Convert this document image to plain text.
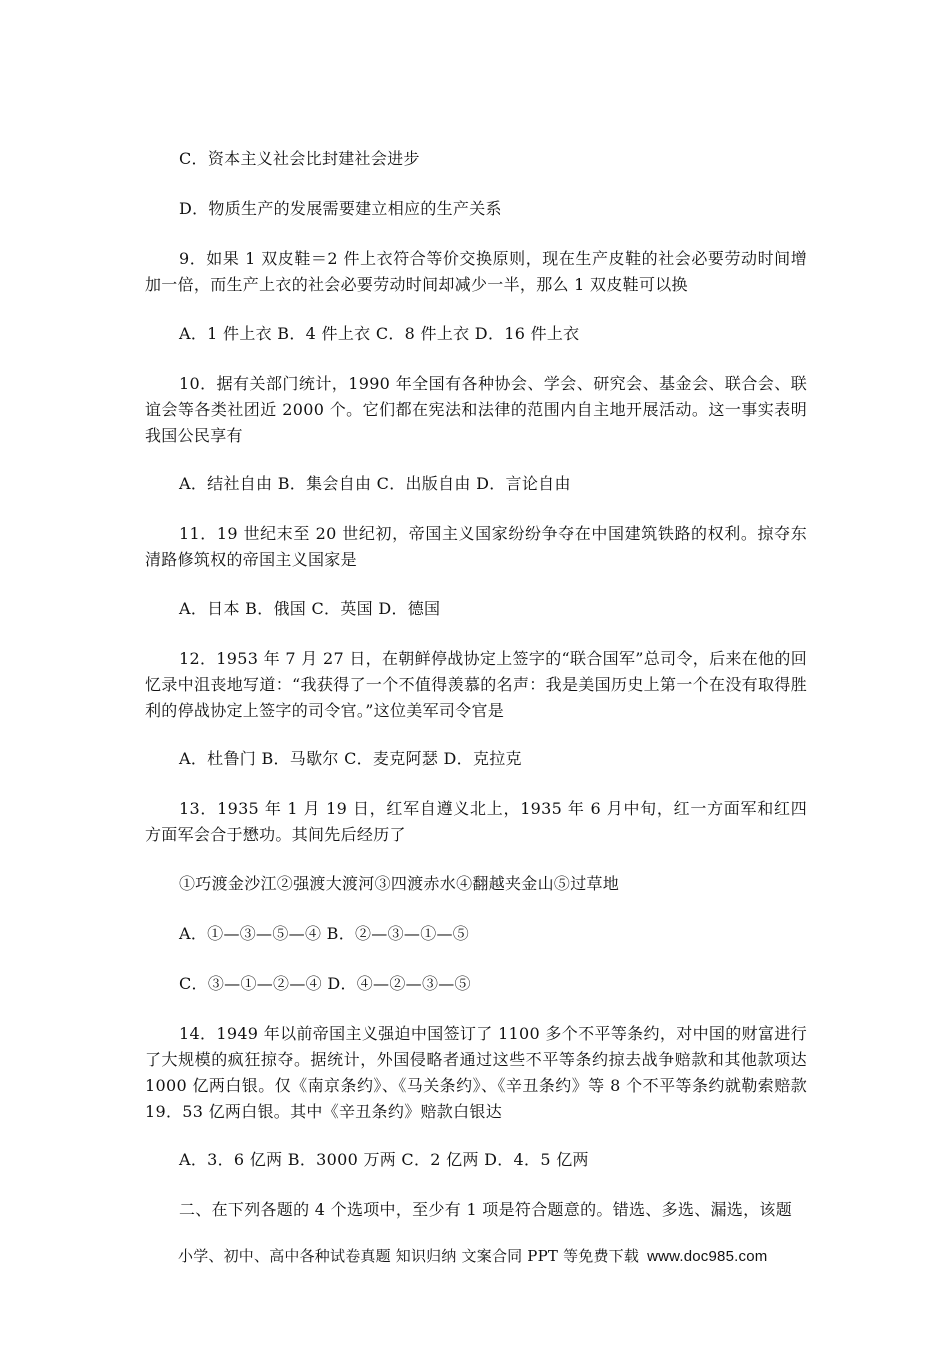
C．资本主义社会比封建社会进步
D．物质生产的发展需要建立相应的生产关系
9．如果 1 双皮鞋＝2 件上衣符合等价交换原则，现在生产皮鞋的社会必要劳动时间增加一倍，而生产上衣的社会必要劳动时间却减少一半，那么 1 双皮鞋可以换
A．1 件上衣 B．4 件上衣 C．8 件上衣 D．16 件上衣
10．据有关部门统计，1990 年全国有各种协会、学会、研究会、基金会、联合会、联谊会等各类社团近 2000 个。它们都在宪法和法律的范围内自主地开展活动。这一事实表明我国公民享有
A．结社自由 B．集会自由 C．出版自由 D．言论自由
11．19 世纪末至 20 世纪初，帝国主义国家纷纷争夺在中国建筑铁路的权利。掠夺东清路修筑权的帝国主义国家是
A．日本 B．俄国 C．英国 D．德国
12．1953 年 7 月 27 日，在朝鲜停战协定上签字的“联合国军”总司令，后来在他的回忆录中沮丧地写道：“我获得了一个不值得羡慕的名声：我是美国历史上第一个在没有取得胜利的停战协定上签字的司令官。”这位美军司令官是
A．杜鲁门 B．马歇尔 C．麦克阿瑟 D．克拉克
13．1935 年 1 月 19 日，红军自遵义北上，1935 年 6 月中旬，红一方面军和红四方面军会合于懋功。其间先后经历了
①巧渡金沙江②强渡大渡河③四渡赤水④翻越夹金山⑤过草地
A．①—③—⑤—④ B．②—③—①—⑤
C．③—①—②—④ D．④—②—③—⑤
14．1949 年以前帝国主义强迫中国签订了 1100 多个不平等条约，对中国的财富进行了大规模的疯狂掠夺。据统计，外国侵略者通过这些不平等条约掠去战争赔款和其他款项达 1000 亿两白银。仅《南京条约》、《马关条约》、《辛丑条约》等 8 个不平等条约就勒索赔款 19．53 亿两白银。其中《辛丑条约》赔款白银达
A．3．6 亿两 B．3000 万两 C．2 亿两 D．4．5 亿两
二、在下列各题的 4 个选项中，至少有 1 项是符合题意的。错选、多选、漏选，该题
小学、初中、高中各种试卷真题 知识归纳 文案合同 PPT 等免费下载 www.doc985.com
